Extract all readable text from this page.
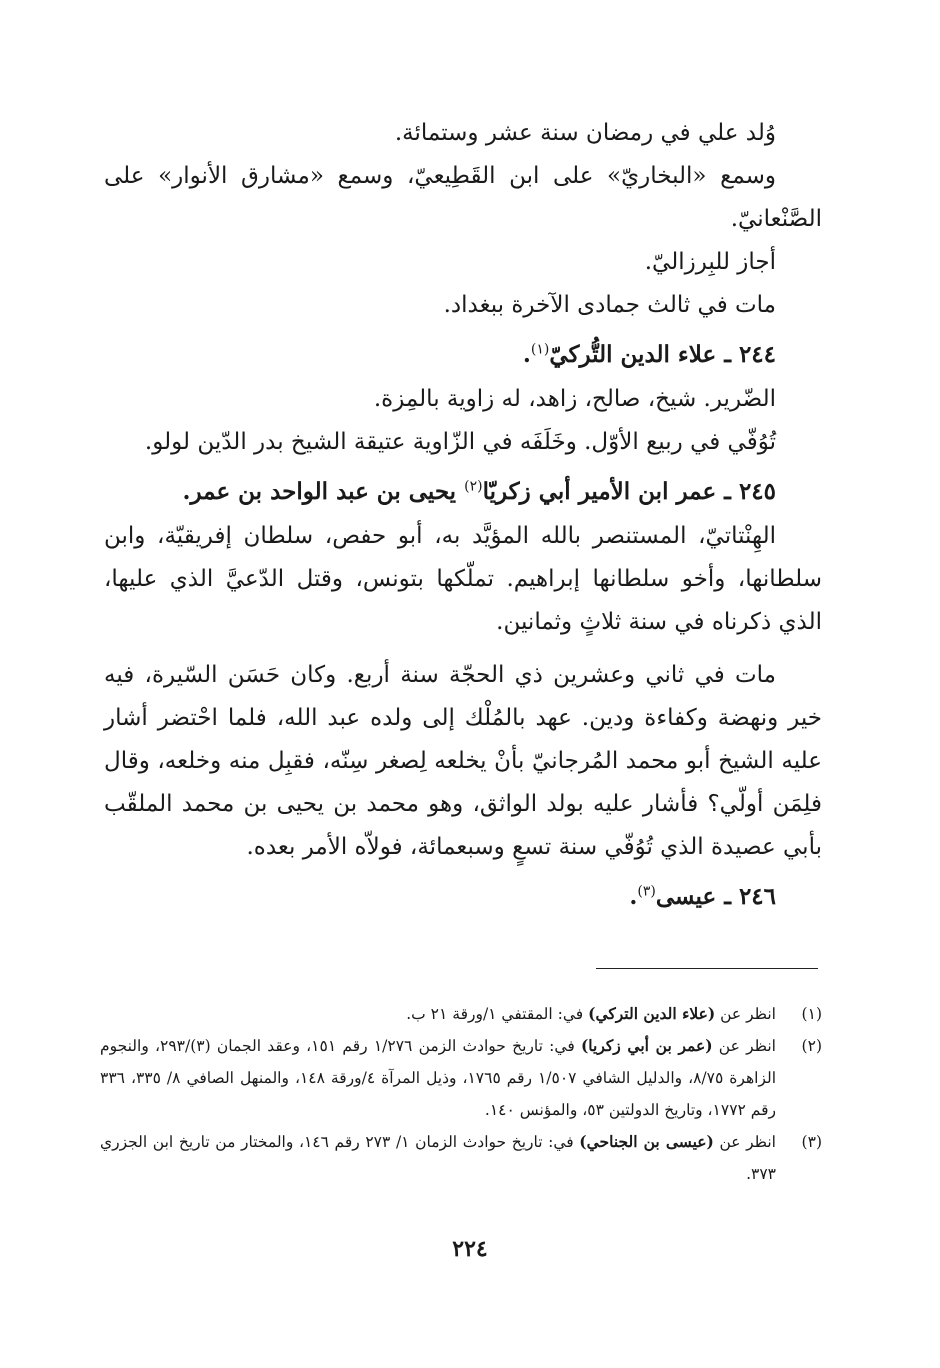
وُلد علي في رمضان سنة عشر وستمائة.

وسمع «البخاريّ» على ابن القَطِيعيّ، وسمع «مشارق الأنوار» على الصَّنْعانيّ.

أجاز للبِرزاليّ.

مات في ثالث جمادى الآخرة ببغداد.

٢٤٤ ـ علاء الدين التُّركيّ$^{(١)}$.

الضّرير. شيخ، صالح، زاهد، له زاوية بالمِزة.

تُوُفّي في ربيع الأوّل. وخَلَفَه في الزّاوية عتيقة الشيخ بدر الدّين لولو.

٢٤٥ ـ عمر ابن الأمير أبي زكريّا$^{(٢)}$ يحيى بن عبد الواحد بن عمر.

الهِنْتاتيّ، المستنصر بالله المؤيَّد به، أبو حفص، سلطان إفريقيّة، وابن سلطانها، وأخو سلطانها إبراهيم. تملّكها بتونس، وقتل الدّعيَّ الذي عليها، الذي ذكرناه في سنة ثلاثٍ وثمانين.

مات في ثاني وعشرين ذي الحجّة سنة أربع. وكان حَسَن السّيرة، فيه خير ونهضة وكفاءة ودين. عهد بالمُلْك إلى ولده عبد الله، فلما احْتضر أشار عليه الشيخ أبو محمد المُرجانيّ بأنْ يخلعه لِصغر سِنّه، فقبِل منه وخلعه، وقال فلِمَن أولّي؟ فأشار عليه بولد الواثق، وهو محمد بن يحيى بن محمد الملقّب بأبي عصيدة الذي تُوُفّي سنة تسعٍ وسبعمائة، فولاّه الأمر بعده.

٢٤٦ ـ عيسى$^{(٣)}$.

(١)
انظر عن (علاء الدين التركي) في: المقتفي ١/ورقة ٢١ ب.
(٢)
انظر عن (عمر بن أبي زكريا) في: تاريخ حوادث الزمن ١/٢٧٦ رقم ١٥١، وعقد الجمان (٣)/٢٩٣، والنجوم الزاهرة ٨/٧٥، والدليل الشافي ١/٥٠٧ رقم ١٧٦٥، وذيل المرآة ٤/ورقة ١٤٨، والمنهل الصافي ٨/ ٣٣٥، ٣٣٦ رقم ١٧٧٢، وتاريخ الدولتين ٥٣، والمؤنس ١٤٠.
(٣)
انظر عن (عيسى بن الجناحي) في: تاريخ حوادث الزمان ١/ ٢٧٣ رقم ١٤٦، والمختار من تاريخ ابن الجزري ٣٧٣.
٢٢٤
